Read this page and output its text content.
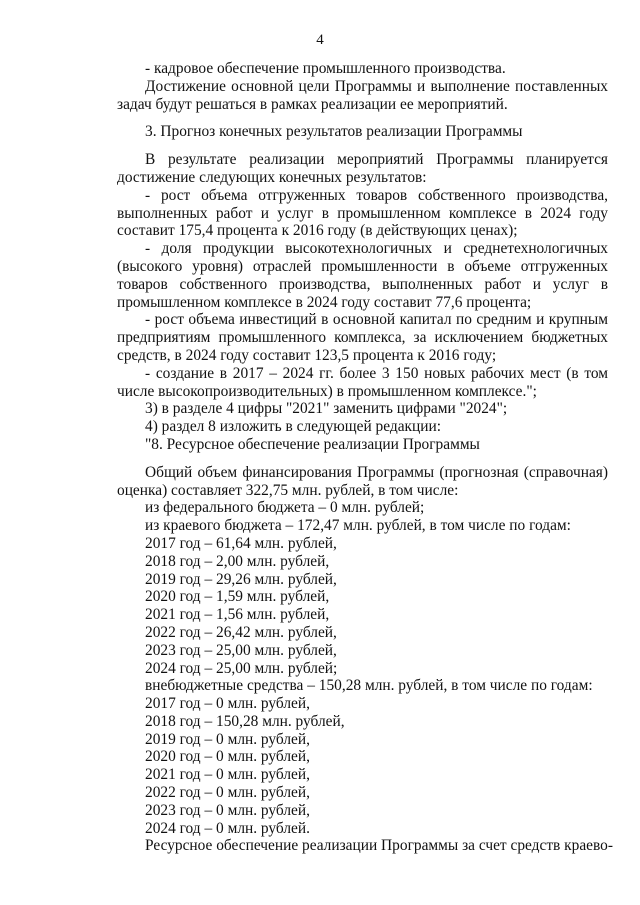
4

- кадровое обеспечение промышленного производства.

Достижение основной цели Программы и выполнение поставленных задач будут решаться в рамках реализации ее мероприятий.

3. Прогноз конечных результатов реализации Программы

В результате реализации мероприятий Программы планируется достижение следующих конечных результатов:

- рост объема отгруженных товаров собственного производства, выполненных работ и услуг в промышленном комплексе в 2024 году составит 175,4 процента к 2016 году (в действующих ценах);

- доля продукции высокотехнологичных и среднетехнологичных (высокого уровня) отраслей промышленности в объеме отгруженных товаров собственного производства, выполненных работ и услуг в промышленном комплексе в 2024 году составит 77,6 процента;

- рост объема инвестиций в основной капитал по средним и крупным предприятиям промышленного комплекса, за исключением бюджетных средств, в 2024 году составит 123,5 процента к 2016 году;

- создание в 2017 – 2024 гг. более 3 150 новых рабочих мест (в том числе высокопроизводительных) в промышленном комплексе.";

3) в разделе 4 цифры "2021" заменить цифрами "2024";

4) раздел 8 изложить в следующей редакции:

"8. Ресурсное обеспечение реализации Программы

Общий объем финансирования Программы (прогнозная (справочная) оценка) составляет 322,75 млн. рублей, в том числе:

из федерального бюджета – 0 млн. рублей;

из краевого бюджета – 172,47 млн. рублей, в том числе по годам:

2017 год – 61,64 млн. рублей,

2018 год – 2,00 млн. рублей,

2019 год – 29,26 млн. рублей,

2020 год – 1,59 млн. рублей,

2021 год – 1,56 млн. рублей,

2022 год – 26,42 млн. рублей,

2023 год – 25,00 млн. рублей,

2024 год – 25,00 млн. рублей;

внебюджетные средства – 150,28 млн. рублей, в том числе по годам:

2017 год – 0 млн. рублей,

2018 год – 150,28 млн. рублей,

2019 год – 0 млн. рублей,

2020 год – 0 млн. рублей,

2021 год – 0 млн. рублей,

2022 год – 0 млн. рублей,

2023 год – 0 млн. рублей,

2024 год – 0 млн. рублей.

Ресурсное обеспечение реализации Программы за счет средств краево-
